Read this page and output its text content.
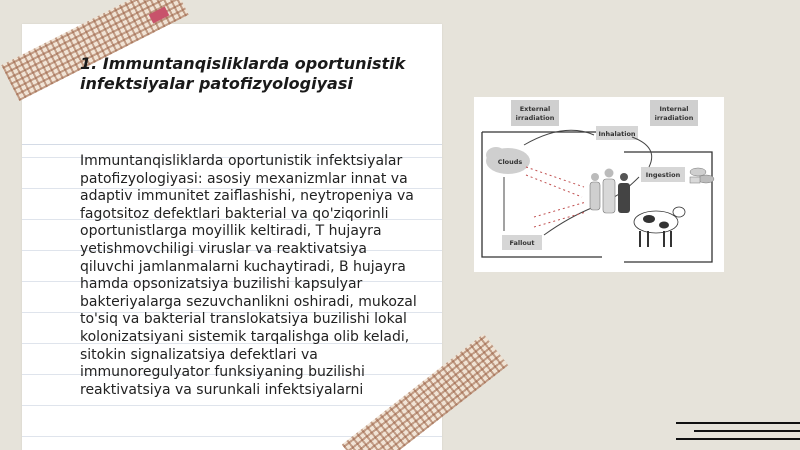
1. Immuntanqisliklarda oportunistik infektsiyalar patofizyologiyasi

Immuntanqisliklarda oportunistik infektsiyalar patofizyologiyasi: asosiy mexanizmlar innat va adaptiv immunitet zaiflashishi, neytropeniya va fagotsitoz defektlari bakterial va qo'ziqorinli oportunistlarga moyillik keltiradi, T hujayra yetishmovchiligi viruslar va reaktivatsiya qiluvchi jamlanmalarni kuchaytiradi, B hujayra hamda opsonizatsiya buzilishi kapsulyar bakteriyalarga sezuvchanlikni oshiradi, mukozal to'siq va bakterial translokatsiya buzilishi lokal kolonizatsiyani sistemik tarqalishga olib keladi, sitokin signalizatsiya defektlari va immunoregulyator funksiyaning buzilishi reaktivatsiya va surunkali infektsiyalarni

External
irradiation
Internal
irradiation
Inhalation
Clouds
Ingestion
Fallout
